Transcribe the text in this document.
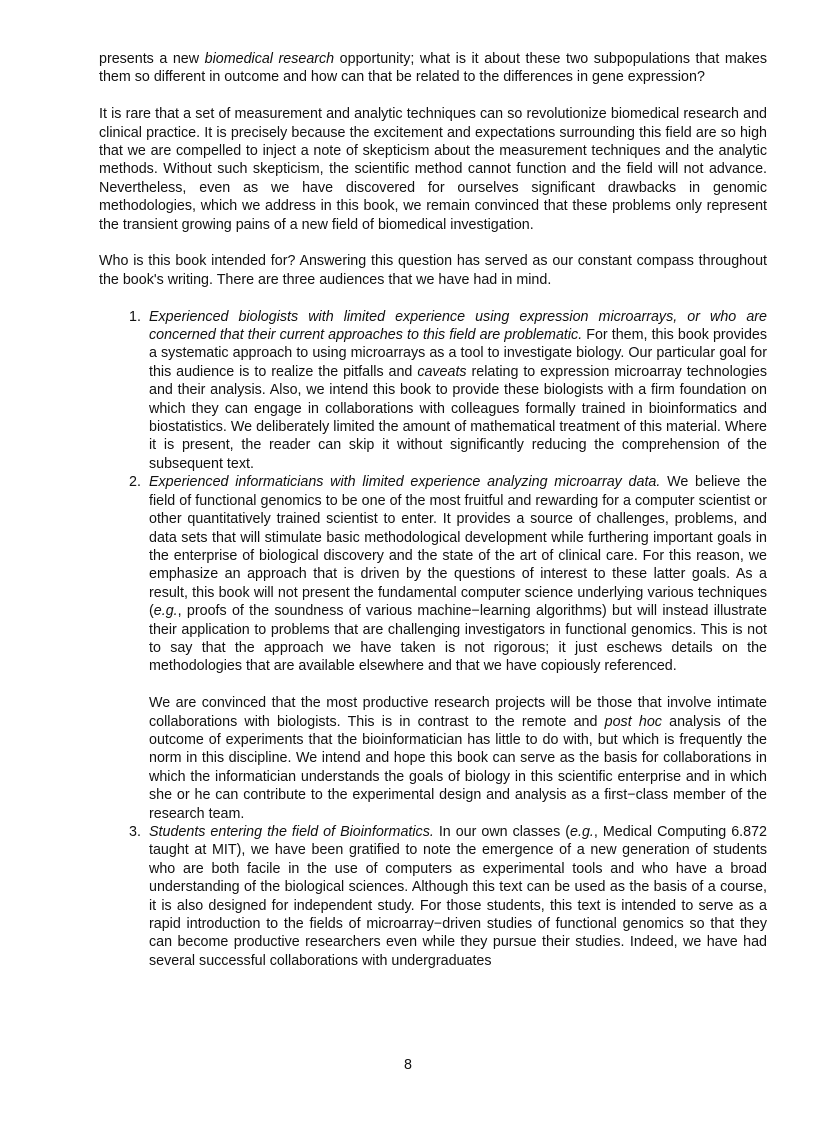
presents a new biomedical research opportunity; what is it about these two subpopulations that makes them so different in outcome and how can that be related to the differences in gene expression?

It is rare that a set of measurement and analytic techniques can so revolutionize biomedical research and clinical practice. It is precisely because the excitement and expectations surrounding this field are so high that we are compelled to inject a note of skepticism about the measurement techniques and the analytic methods. Without such skepticism, the scientific method cannot function and the field will not advance. Nevertheless, even as we have discovered for ourselves significant drawbacks in genomic methodologies, which we address in this book, we remain convinced that these problems only represent the transient growing pains of a new field of biomedical investigation.

Who is this book intended for? Answering this question has served as our constant compass throughout the book's writing. There are three audiences that we have had in mind.

1. Experienced biologists with limited experience using expression microarrays, or who are concerned that their current approaches to this field are problematic. For them, this book provides a systematic approach to using microarrays as a tool to investigate biology. Our particular goal for this audience is to realize the pitfalls and caveats relating to expression microarray technologies and their analysis. Also, we intend this book to provide these biologists with a firm foundation on which they can engage in collaborations with colleagues formally trained in bioinformatics and biostatistics. We deliberately limited the amount of mathematical treatment of this material. Where it is present, the reader can skip it without significantly reducing the comprehension of the subsequent text.
2. Experienced informaticians with limited experience analyzing microarray data. We believe the field of functional genomics to be one of the most fruitful and rewarding for a computer scientist or other quantitatively trained scientist to enter. It provides a source of challenges, problems, and data sets that will stimulate basic methodological development while furthering important goals in the enterprise of biological discovery and the state of the art of clinical care. For this reason, we emphasize an approach that is driven by the questions of interest to these latter goals. As a result, this book will not present the fundamental computer science underlying various techniques (e.g., proofs of the soundness of various machine−learning algorithms) but will instead illustrate their application to problems that are challenging investigators in functional genomics. This is not to say that the approach we have taken is not rigorous; it just eschews details on the methodologies that are available elsewhere and that we have copiously referenced.
We are convinced that the most productive research projects will be those that involve intimate collaborations with biologists. This is in contrast to the remote and post hoc analysis of the outcome of experiments that the bioinformatician has little to do with, but which is frequently the norm in this discipline. We intend and hope this book can serve as the basis for collaborations in which the informatician understands the goals of biology in this scientific enterprise and in which she or he can contribute to the experimental design and analysis as a first−class member of the research team.
3. Students entering the field of Bioinformatics. In our own classes (e.g., Medical Computing 6.872 taught at MIT), we have been gratified to note the emergence of a new generation of students who are both facile in the use of computers as experimental tools and who have a broad understanding of the biological sciences. Although this text can be used as the basis of a course, it is also designed for independent study. For those students, this text is intended to serve as a rapid introduction to the fields of microarray−driven studies of functional genomics so that they can become productive researchers even while they pursue their studies. Indeed, we have had several successful collaborations with undergraduates
8
